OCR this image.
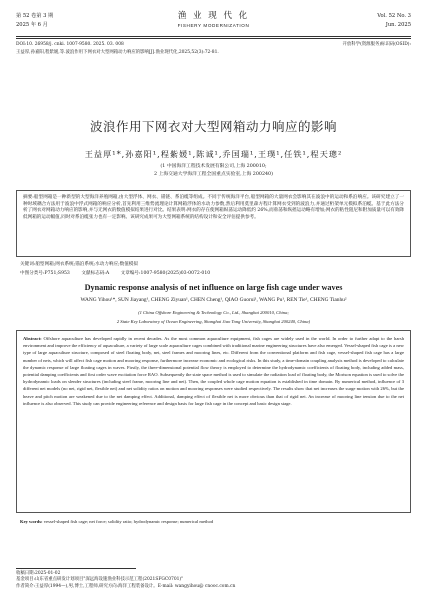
第 52 卷第 3 期
2025 年 6 月
渔 业 现 代 化
FISHERY MODERNIZATION
Vol. 52 No. 3
Jun. 2025
DOI:10. 26958/j. cnki. 1007-9580. 2025. 03. 008	开放科学(资源服务)标识码(OSID):
王益厚,孙嘉阳,程紫媛,等.波浪作用下网衣对大型网箱动力响应的影响[J].渔业现代化,2025,52(3):72-81.
波浪作用下网衣对大型网箱动力响应的影响
王益厚¹*,孙嘉阳¹,程紫媛¹,陈诚¹,乔国瑞¹,王璞¹,任铁¹,程天璁²
(1 中国海洋工程技术发展有限公司,上海 200010;
2 上海交通大学海洋工程全国重点实验室,上海 200240)
摘要:船型网箱是一种新型的大型海洋养殖网箱,由大型浮体、网衣、锚链、系泊缆等组成。不同于传统海洋平台,船型网箱的大量网衣会影响其在波浪中的运动和系泊响应。该研究建立了一种时域耦合方法用于波浪中浮式网箱的响应分析,首先利用三维势流理论计算网箱浮体的水动力参数,然后利用莫里森方程计算网衣受到的波浪力,并通过桁架单元模拟系泊缆。基于此方法分析了网衣对网箱动力响应的影响,并与无网衣的数值模拟结果进行对比。结果表明:网衣的存在使网箱纵荡运动降低约 26%,而垂荡和纵摇运动略有增加;网衣的粘性阻尼和附加质量可以有效降低网箱的运动幅值,同时对系泊缆张力也有一定影响。该研究成果可为大型网箱系统的结构设计和安全评估提供参考。
关键词:船型网箱;网衣系统;锚泊系统;水动力响应;数值模拟
中图分类号:P751;S953 文献标志码:A 文章编号:1007-9580(2025)03-0072-010
Dynamic response analysis of net influence on large fish cage under waves
WANG Yihou¹*, SUN Jiayang¹, CHENG Ziyuan¹, CHEN Cheng¹, QIAO Guorui¹, WANG Pu¹, REN Tie¹, CHENG Tianhu²
(1 China Offshore Engineering & Technology Co., Ltd., Shanghai 200010, China;
2 State Key Laboratory of Ocean Engineering, Shanghai Jiao Tong University, Shanghai 200240, China)
Abstract: Offshore aquaculture has developed rapidly in recent decades. As the most common aquaculture equipment, fish cages are widely used in the world. In order to further adapt to the harsh environment and improve the efficiency of aquaculture, a variety of large scale aquaculture cages combined with traditional marine engineering structures have also emerged. Vessel-shaped fish cage is a new type of large aquaculture structure, composed of steel floating body, net, steel frames and mooring lines, etc. Different from the conventional platform and fish cage, vessel-shaped fish cage has a large number of nets, which will affect fish cage motion and mooring response, furthermore increase economic and ecological risks. In this study, a time-domain coupling analysis method is developed to calculate the dynamic response of large floating cages in waves. Firstly, the three-dimensional potential flow theory is employed to determine the hydrodynamic coefficients of floating body, including added mass, potential damping coefficients and first order wave excitation force RAO. Subsequently the state space method is used to simulate the radiation load of floating body, the Morison equation is used to solve the hydrodynamic loads on slender structures (including steel frame, mooring line and net). Then, the coupled whole cage motion equation is established in time domain. By numerical method, influence of 3 different net models (no net, rigid net, flexible net) and net solidity ratios on motion and mooring responses were studied respectively. The results show that net increases the surge motion with 26%, but the heave and pitch motion are weakened due to the net damping effect. Additional, damping effect of flexible net is more obvious than that of rigid net. An increase of mooring line tension due to the net influence is also observed. This study can provide engineering reference and design basis for large fish cage in the concept and basic design stage.
Key words: vessel-shaped fish cage; net force; solidity ratio; hydrodynamic response; numerical method
收稿日期:2025-01-02
基金项目:山东省重点研发计划项目"深远海设施渔业科技示范工程(2021SFGC0701)"
作者简介:王益厚(1994—),男,博士,工程师,研究方向:海洋工程装备设计。E-mail: wangyihou@ cnooc.com.cn
